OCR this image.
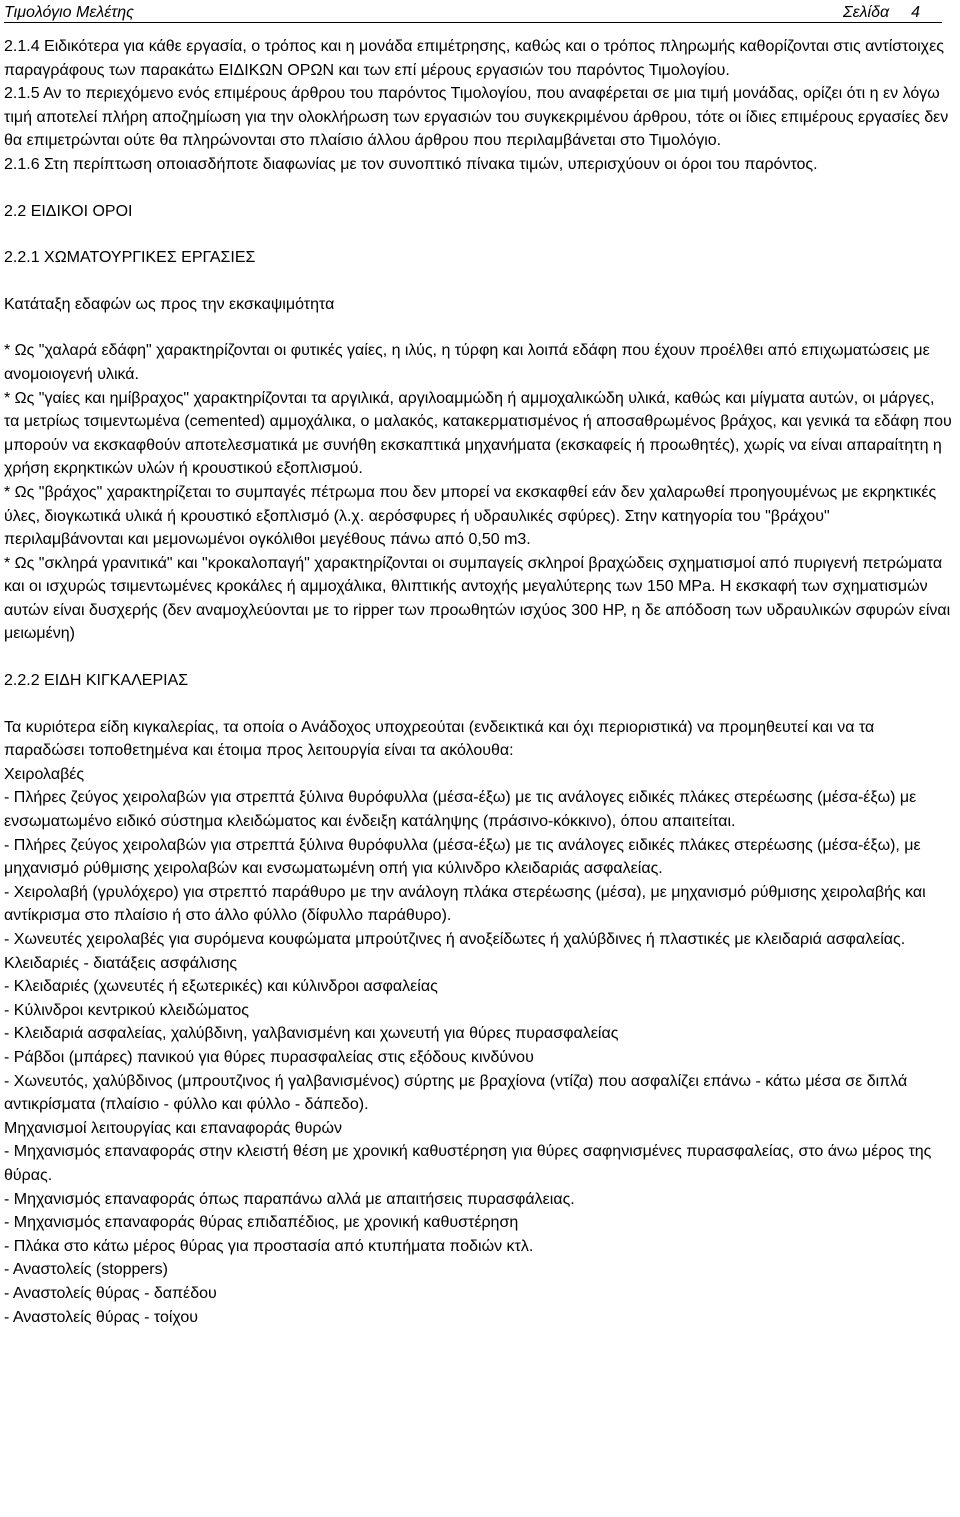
Τιμολόγιο Μελέτης	Σελίδα 4

2.1.4 Ειδικότερα για κάθε εργασία, ο τρόπος και η μονάδα επιμέτρησης, καθώς και ο τρόπος πληρωμής καθορίζονται στις αντίστοιχες παραγράφους των παρακάτω ΕΙΔΙΚΩΝ ΟΡΩΝ και των επί μέρους εργασιών του παρόντος Τιμολογίου.

2.1.5 Αν το περιεχόμενο ενός επιμέρους άρθρου του παρόντος Τιμολογίου, που αναφέρεται σε μια τιμή μονάδας, ορίζει ότι η εν λόγω τιμή αποτελεί πλήρη αποζημίωση για την ολοκλήρωση των εργασιών του συγκεκριμένου άρθρου, τότε οι ίδιες επιμέρους εργασίες δεν θα επιμετρώνται ούτε θα πληρώνονται στο πλαίσιο άλλου άρθρου που περιλαμβάνεται στο Τιμολόγιο.

2.1.6 Στη περίπτωση οποιασδήποτε διαφωνίας με τον συνοπτικό πίνακα τιμών, υπερισχύουν οι όροι του παρόντος.

2.2 ΕΙΔΙΚΟΙ ΟΡΟΙ

2.2.1 ΧΩΜΑΤΟΥΡΓΙΚΕΣ ΕΡΓΑΣΙΕΣ

Κατάταξη εδαφών ως προς την εκσκαψιμότητα

* Ως "χαλαρά εδάφη" χαρακτηρίζονται οι φυτικές γαίες, η ιλύς, η τύρφη και λοιπά εδάφη που έχουν προέλθει από επιχωματώσεις με ανομοιογενή υλικά.

* Ως "γαίες και ημίβραχος" χαρακτηρίζονται τα αργιλικά, αργιλοαμμώδη ή αμμοχαλικώδη υλικά, καθώς και μίγματα αυτών, οι μάργες, τα μετρίως τσιμεντωμένα (cemented) αμμοχάλικα, ο μαλακός, κατακερματισμένος ή αποσαθρωμένος βράχος, και γενικά τα εδάφη που μπορούν να εκσκαφθούν αποτελεσματικά με συνήθη εκσκαπτικά μηχανήματα (εκσκαφείς ή προωθητές), χωρίς να είναι απαραίτητη η χρήση εκρηκτικών υλών ή κρουστικού εξοπλισμού.

* Ως "βράχος" χαρακτηρίζεται το συμπαγές πέτρωμα που δεν μπορεί να εκσκαφθεί εάν δεν χαλαρωθεί προηγουμένως με εκρηκτικές ύλες, διογκωτικά υλικά ή κρουστικό εξοπλισμό (λ.χ. αερόσφυρες ή υδραυλικές σφύρες). Στην κατηγορία του "βράχου" περιλαμβάνονται και μεμονωμένοι ογκόλιθοι μεγέθους πάνω από 0,50 m3.

* Ως "σκληρά γρανιτικά" και "κροκαλοπαγή" χαρακτηρίζονται οι συμπαγείς σκληροί βραχώδεις σχηματισμοί από πυριγενή πετρώματα και οι ισχυρώς τσιμεντωμένες κροκάλες ή αμμοχάλικα, θλιπτικής αντοχής μεγαλύτερης των 150 MPa. Η εκσκαφή των σχηματισμών αυτών είναι δυσχερής (δεν αναμοχλεύονται με το ripper των προωθητών ισχύος 300 HP, η δε απόδοση των υδραυλικών σφυρών είναι μειωμένη)

2.2.2 ΕΙΔΗ ΚΙΓΚΑΛΕΡΙΑΣ

Τα κυριότερα είδη κιγκαλερίας, τα οποία ο Ανάδοχος υποχρεούται (ενδεικτικά και όχι περιοριστικά) να προμηθευτεί και να τα παραδώσει τοποθετημένα και έτοιμα προς λειτουργία είναι τα ακόλουθα:

Χειρολαβές

- Πλήρες ζεύγος χειρολαβών για στρεπτά ξύλινα θυρόφυλλα (μέσα-έξω) με τις ανάλογες ειδικές πλάκες στερέωσης (μέσα-έξω) με ενσωματωμένο ειδικό σύστημα κλειδώματος και ένδειξη κατάληψης (πράσινο-κόκκινο), όπου απαιτείται.

- Πλήρες ζεύγος χειρολαβών για στρεπτά ξύλινα θυρόφυλλα (μέσα-έξω) με τις ανάλογες ειδικές πλάκες στερέωσης (μέσα-έξω), με μηχανισμό ρύθμισης χειρολαβών και ενσωματωμένη οπή για κύλινδρο κλειδαριάς ασφαλείας.

- Χειρολαβή (γρυλόχερο) για στρεπτό παράθυρο με την ανάλογη πλάκα στερέωσης (μέσα), με μηχανισμό ρύθμισης χειρολαβής και αντίκρισμα στο πλαίσιο ή στο άλλο φύλλο (δίφυλλο παράθυρο).

- Χωνευτές χειρολαβές για συρόμενα κουφώματα μπρούτζινες ή ανοξείδωτες ή χαλύβδινες ή πλαστικές με κλειδαριά ασφαλείας.

Κλειδαριές - διατάξεις ασφάλισης

- Κλειδαριές (χωνευτές ή εξωτερικές) και κύλινδροι ασφαλείας

- Κύλινδροι κεντρικού κλειδώματος

- Κλειδαριά ασφαλείας, χαλύβδινη, γαλβανισμένη και χωνευτή για θύρες πυρασφαλείας

- Ράβδοι (μπάρες) πανικού για θύρες πυρασφαλείας στις εξόδους κινδύνου

- Χωνευτός, χαλύβδινος (μπρουτζινος ή γαλβανισμένος) σύρτης με βραχίονα (ντίζα) που ασφαλίζει επάνω - κάτω μέσα σε διπλά αντικρίσματα (πλαίσιο - φύλλο και φύλλο - δάπεδο).

Μηχανισμοί λειτουργίας και επαναφοράς θυρών

- Μηχανισμός επαναφοράς στην κλειστή θέση με χρονική καθυστέρηση για θύρες σαφηνισμένες πυρασφαλείας, στο άνω μέρος της θύρας.

- Μηχανισμός επαναφοράς όπως παραπάνω αλλά με απαιτήσεις πυρασφάλειας.

- Μηχανισμός επαναφοράς θύρας επιδαπέδιος, με χρονική καθυστέρηση

- Πλάκα στο κάτω μέρος θύρας για προστασία από κτυπήματα ποδιών κτλ.

- Αναστολείς (stoppers)

- Αναστολείς θύρας - δαπέδου

- Αναστολείς θύρας - τοίχου
